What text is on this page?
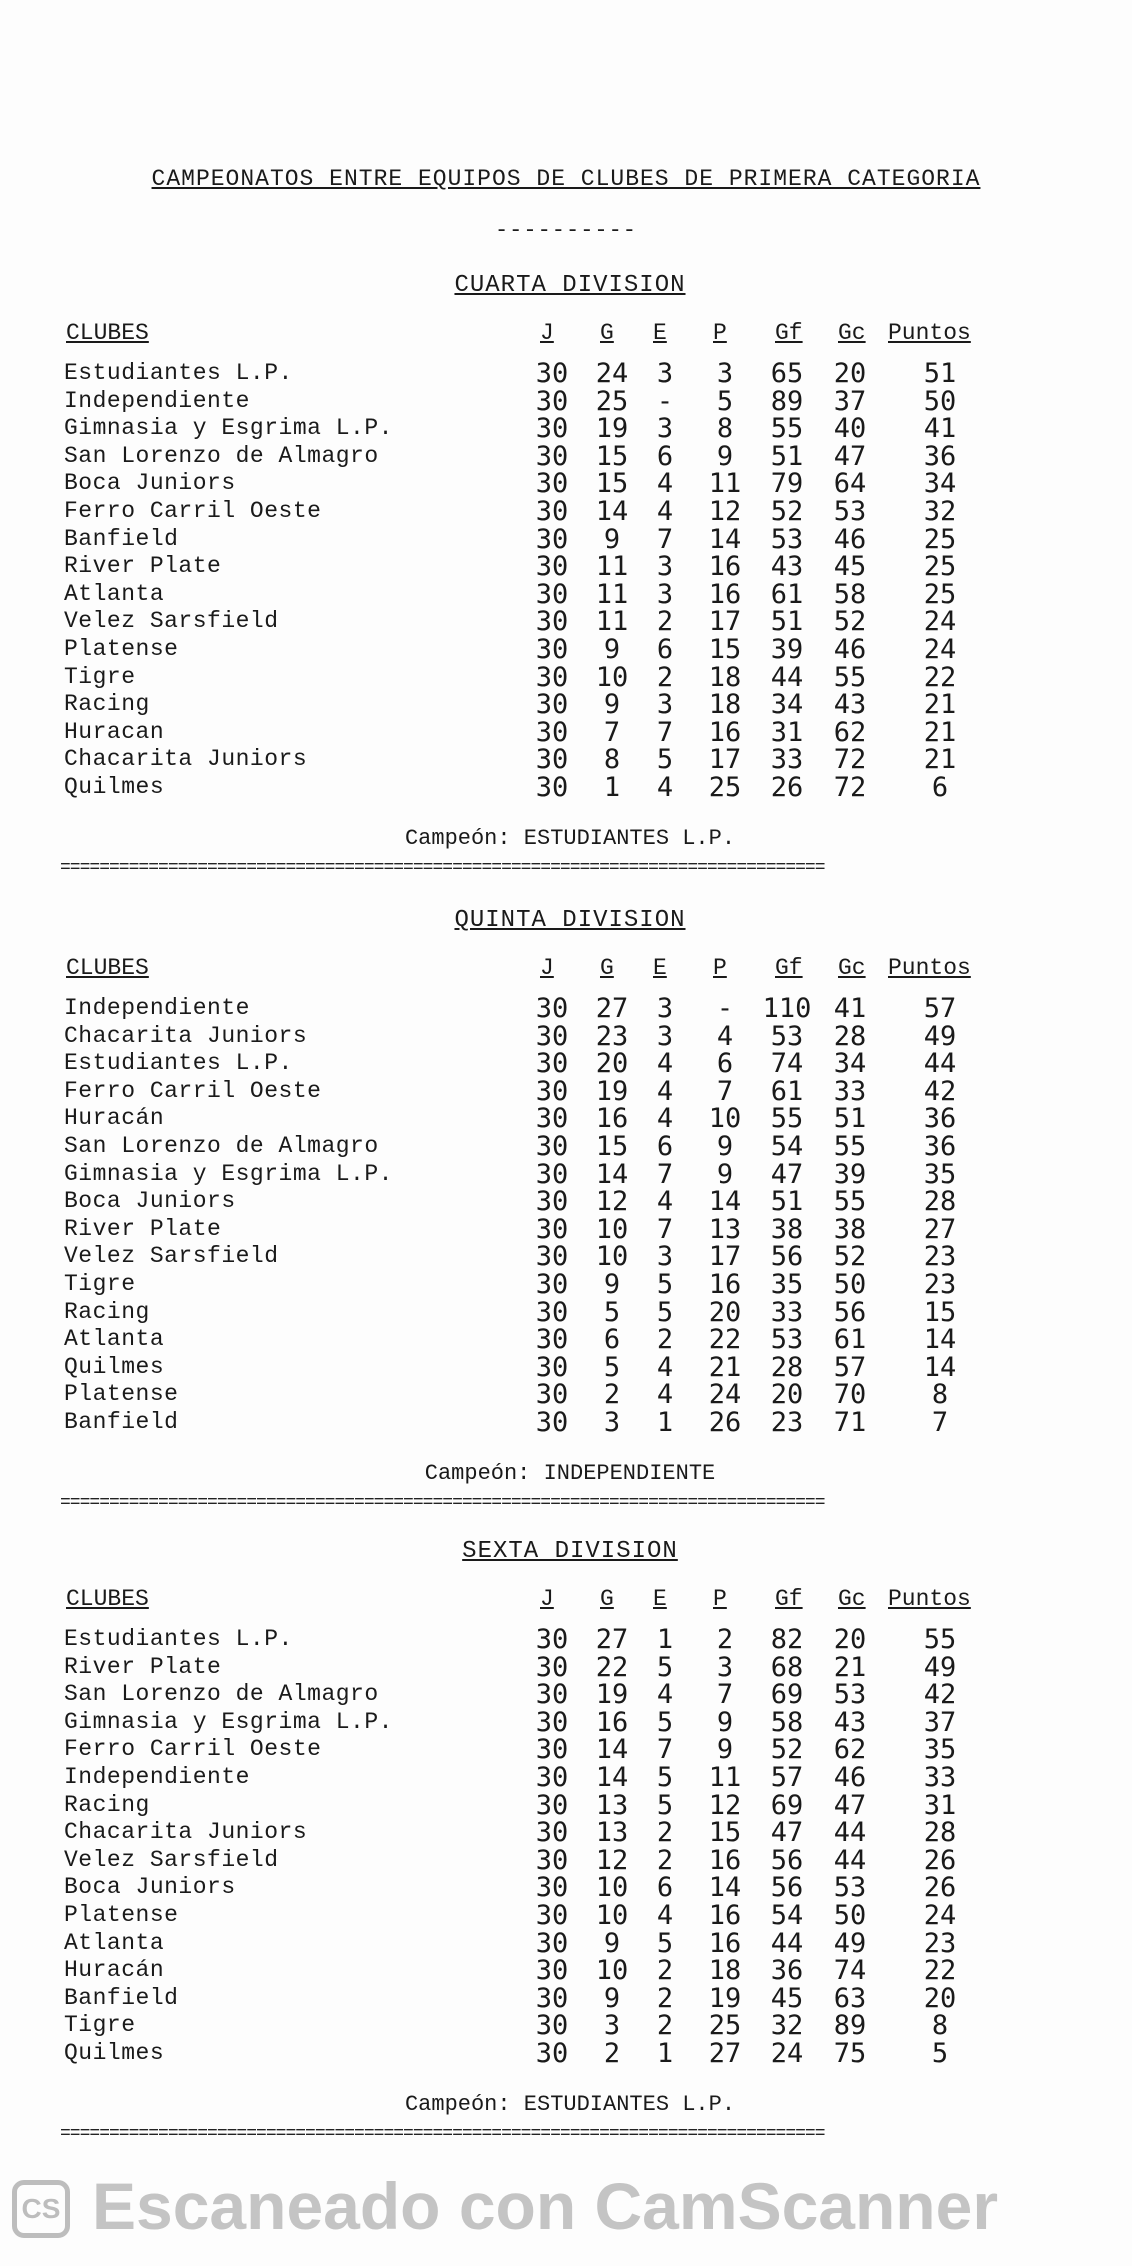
CAMPEONATOS ENTRE EQUIPOS DE CLUBES DE PRIMERA CATEGORIA
----------
CUARTA DIVISION
CLUBES	J G E P Gf Gc Puntos
Estudiantes L.P.	30	24	3	3	65	20	51
Independiente	30	25	-	5	89	37	50
Gimnasia y Esgrima L.P.	30	19	3	8	55	40	41
San Lorenzo de Almagro	30	15	6	9	51	47	36
Boca Juniors	30	15	4	11	79	64	34
Ferro Carril Oeste	30	14	4	12	52	53	32
Banfield	30	9	7	14	53	46	25
River Plate	30	11	3	16	43	45	25
Atlanta	30	11	3	16	61	58	25
Velez Sarsfield	30	11	2	17	51	52	24
Platense	30	9	6	15	39	46	24
Tigre	30	10	2	18	44	55	22
Racing	30	9	3	18	34	43	21
Huracan	30	7	7	16	31	62	21
Chacarita Juniors	30	8	5	17	33	72	21
Quilmes	30	1	4	25	26	72	6
Campeón: ESTUDIANTES L.P.
==============================================================================
QUINTA DIVISION
CLUBES	J G E P Gf Gc Puntos
Independiente	30	27	3	-	110 41	57
Chacarita Juniors	30	23	3	4	53	28	49
Estudiantes L.P.	30	20	4	6	74	34	44
Ferro Carril Oeste	30	19	4	7	61	33	42
Huracán	30	16	4	10	55	51	36
San Lorenzo de Almagro	30	15	6	9	54	55	36
Gimnasia y Esgrima L.P.	30	14	7	9	47	39	35
Boca Juniors	30	12	4	14	51	55	28
River Plate	30	10	7	13	38	38	27
Velez Sarsfield	30	10	3	17	56	52	23
Tigre	30	9	5	16	35	50	23
Racing	30	5	5	20	33	56	15
Atlanta	30	6	2	22	53	61	14
Quilmes	30	5	4	21	28	57	14
Platense	30	2	4	24	20	70	8
Banfield	30	3	1	26	23	71	7
Campeón: INDEPENDIENTE
==============================================================================
SEXTA DIVISION
CLUBES	J G E P Gf Gc Puntos
Estudiantes L.P.	30	27	1	2	82	20	55
River Plate	30	22	5	3	68	21	49
San Lorenzo de Almagro	30	19	4	7	69	53	42
Gimnasia y Esgrima L.P.	30	16	5	9	58	43	37
Ferro Carril Oeste	30	14	7	9	52	62	35
Independiente	30	14	5	11	57	46	33
Racing	30	13	5	12	69	47	31
Chacarita Juniors	30	13	2	15	47	44	28
Velez Sarsfield	30	12	2	16	56	44	26
Boca Juniors	30	10	6	14	56	53	26
Platense	30	10	4	16	54	50	24
Atlanta	30	9	5	16	44	49	23
Huracán	30	10	2	18	36	74	22
Banfield	30	9	2	19	45	63	20
Tigre	30	3	2	25	32	89	8
Quilmes	30	2	1	27	24	75	5
Campeón: ESTUDIANTES L.P.
==============================================================================
CS Escaneado con CamScanner
